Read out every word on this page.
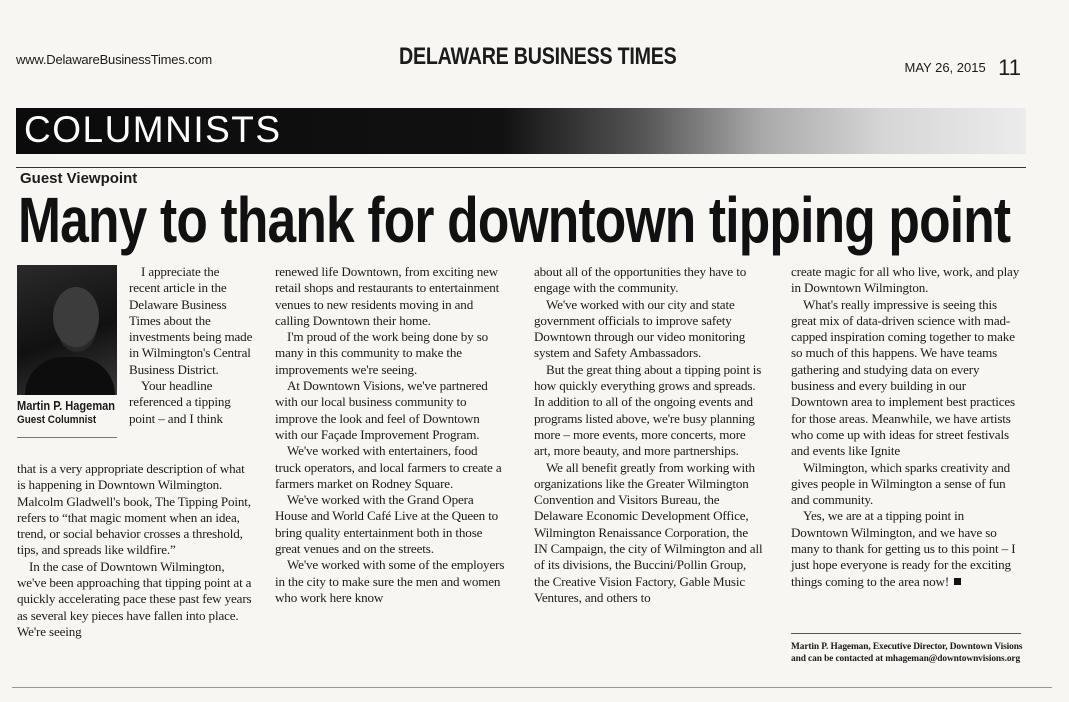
www.DelawareBusinessTimes.com	DELAWARE BUSINESS TIMES	MAY 26, 2015 11
COLUMNISTS
Guest Viewpoint
Many to thank for downtown tipping point
Martin P. Hageman
Guest Columnist

I appreciate the recent article in the Delaware Business Times about the investments being made in Wilmington's Central Business District.

Your headline referenced a tipping point – and I think

that is a very appropriate description of what is happening in Downtown Wilmington. Malcolm Gladwell's book, The Tipping Point, refers to “that magic moment when an idea, trend, or social behavior crosses a threshold, tips, and spreads like wildfire.”

In the case of Downtown Wilmington, we've been approaching that tipping point at a quickly accelerating pace these past few years as several key pieces have fallen into place. We're seeing

renewed life Downtown, from exciting new retail shops and restaurants to entertainment venues to new residents moving in and calling Downtown their home.

I'm proud of the work being done by so many in this community to make the improvements we're seeing.

At Downtown Visions, we've partnered with our local business community to improve the look and feel of Downtown with our Façade Improvement Program.

We've worked with entertainers, food truck operators, and local farmers to create a farmers market on Rodney Square.

We've worked with the Grand Opera House and World Café Live at the Queen to bring quality entertainment both in those great venues and on the streets.

We've worked with some of the employers in the city to make sure the men and women who work here know

about all of the opportunities they have to engage with the community.

We've worked with our city and state government officials to improve safety Downtown through our video monitoring system and Safety Ambassadors.

But the great thing about a tipping point is how quickly everything grows and spreads. In addition to all of the ongoing events and programs listed above, we're busy planning more – more events, more concerts, more art, more beauty, and more partnerships.

We all benefit greatly from working with organizations like the Greater Wilmington Convention and Visitors Bureau, the Delaware Economic Development Office, Wilmington Renaissance Corporation, the IN Campaign, the city of Wilmington and all of its divisions, the Buccini/Pollin Group, the Creative Vision Factory, Gable Music Ventures, and others to

create magic for all who live, work, and play in Downtown Wilmington.

What's really impressive is seeing this great mix of data-driven science with mad-capped inspiration coming together to make so much of this happens. We have teams gathering and studying data on every business and every building in our Downtown area to implement best practices for those areas. Meanwhile, we have artists who come up with ideas for street festivals and events like Ignite

Wilmington, which sparks creativity and gives people in Wilmington a sense of fun and community.

Yes, we are at a tipping point in Downtown Wilmington, and we have so many to thank for getting us to this point – I just hope everyone is ready for the exciting things coming to the area now!

Martin P. Hageman, Executive Director, Downtown Visions and can be contacted at mhageman@downtownvisions.org
